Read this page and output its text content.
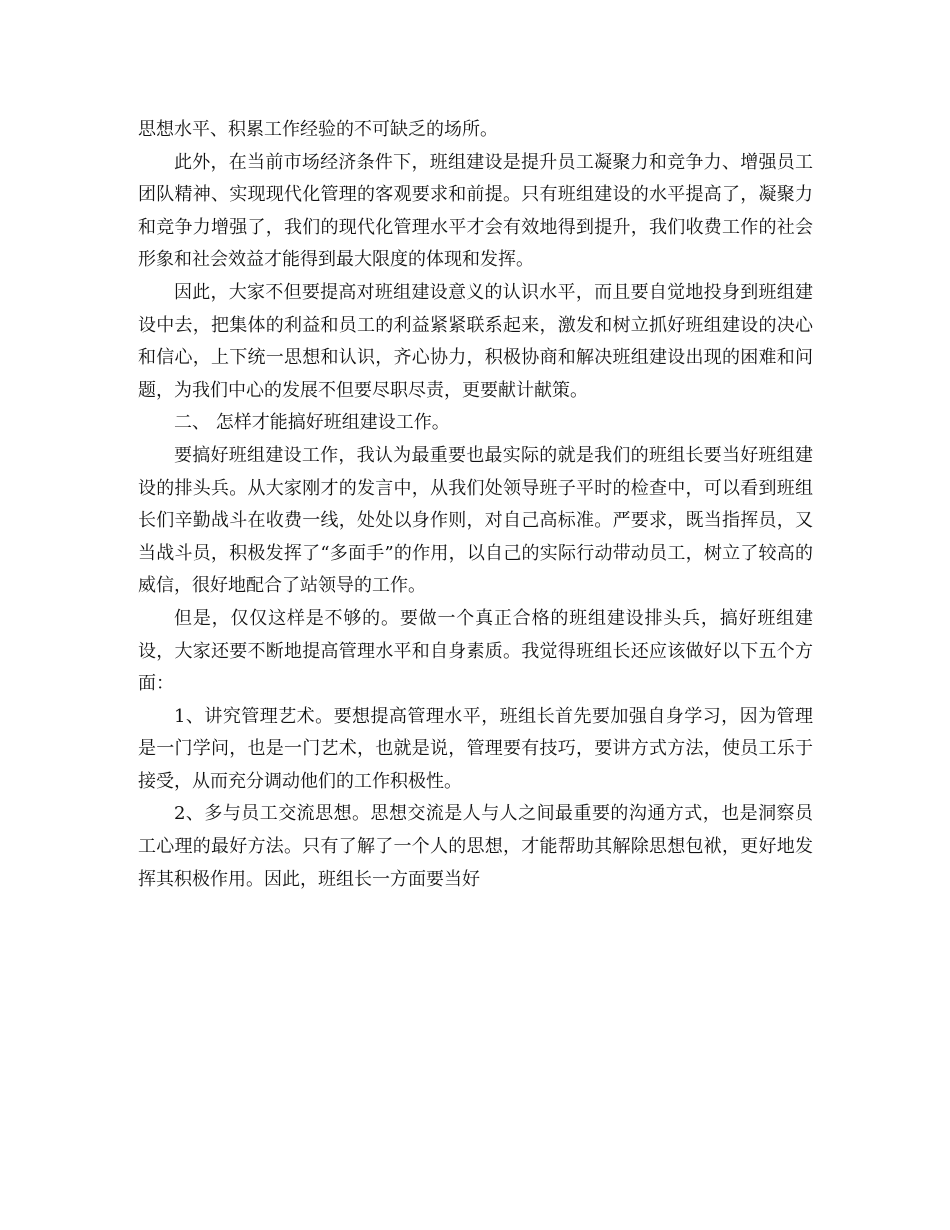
思想水平、积累工作经验的不可缺乏的场所。

此外，在当前市场经济条件下，班组建设是提升员工凝聚力和竞争力、增强员工团队精神、实现现代化管理的客观要求和前提。只有班组建设的水平提高了，凝聚力和竞争力增强了，我们的现代化管理水平才会有效地得到提升，我们收费工作的社会形象和社会效益才能得到最大限度的体现和发挥。

因此，大家不但要提高对班组建设意义的认识水平，而且要自觉地投身到班组建设中去，把集体的利益和员工的利益紧紧联系起来，激发和树立抓好班组建设的决心和信心，上下统一思想和认识，齐心协力，积极协商和解决班组建设出现的困难和问题，为我们中心的发展不但要尽职尽责，更要献计献策。

二、 怎样才能搞好班组建设工作。

要搞好班组建设工作，我认为最重要也最实际的就是我们的班组长要当好班组建设的排头兵。从大家刚才的发言中，从我们处领导班子平时的检查中，可以看到班组长们辛勤战斗在收费一线，处处以身作则，对自己高标准。严要求，既当指挥员，又当战斗员，积极发挥了“多面手”的作用，以自己的实际行动带动员工，树立了较高的威信，很好地配合了站领导的工作。

但是，仅仅这样是不够的。要做一个真正合格的班组建设排头兵，搞好班组建设，大家还要不断地提高管理水平和自身素质。我觉得班组长还应该做好以下五个方面：

1、讲究管理艺术。要想提高管理水平，班组长首先要加强自身学习，因为管理是一门学问，也是一门艺术，也就是说，管理要有技巧，要讲方式方法，使员工乐于接受，从而充分调动他们的工作积极性。

2、多与员工交流思想。思想交流是人与人之间最重要的沟通方式，也是洞察员工心理的最好方法。只有了解了一个人的思想，才能帮助其解除思想包袱，更好地发挥其积极作用。因此，班组长一方面要当好
